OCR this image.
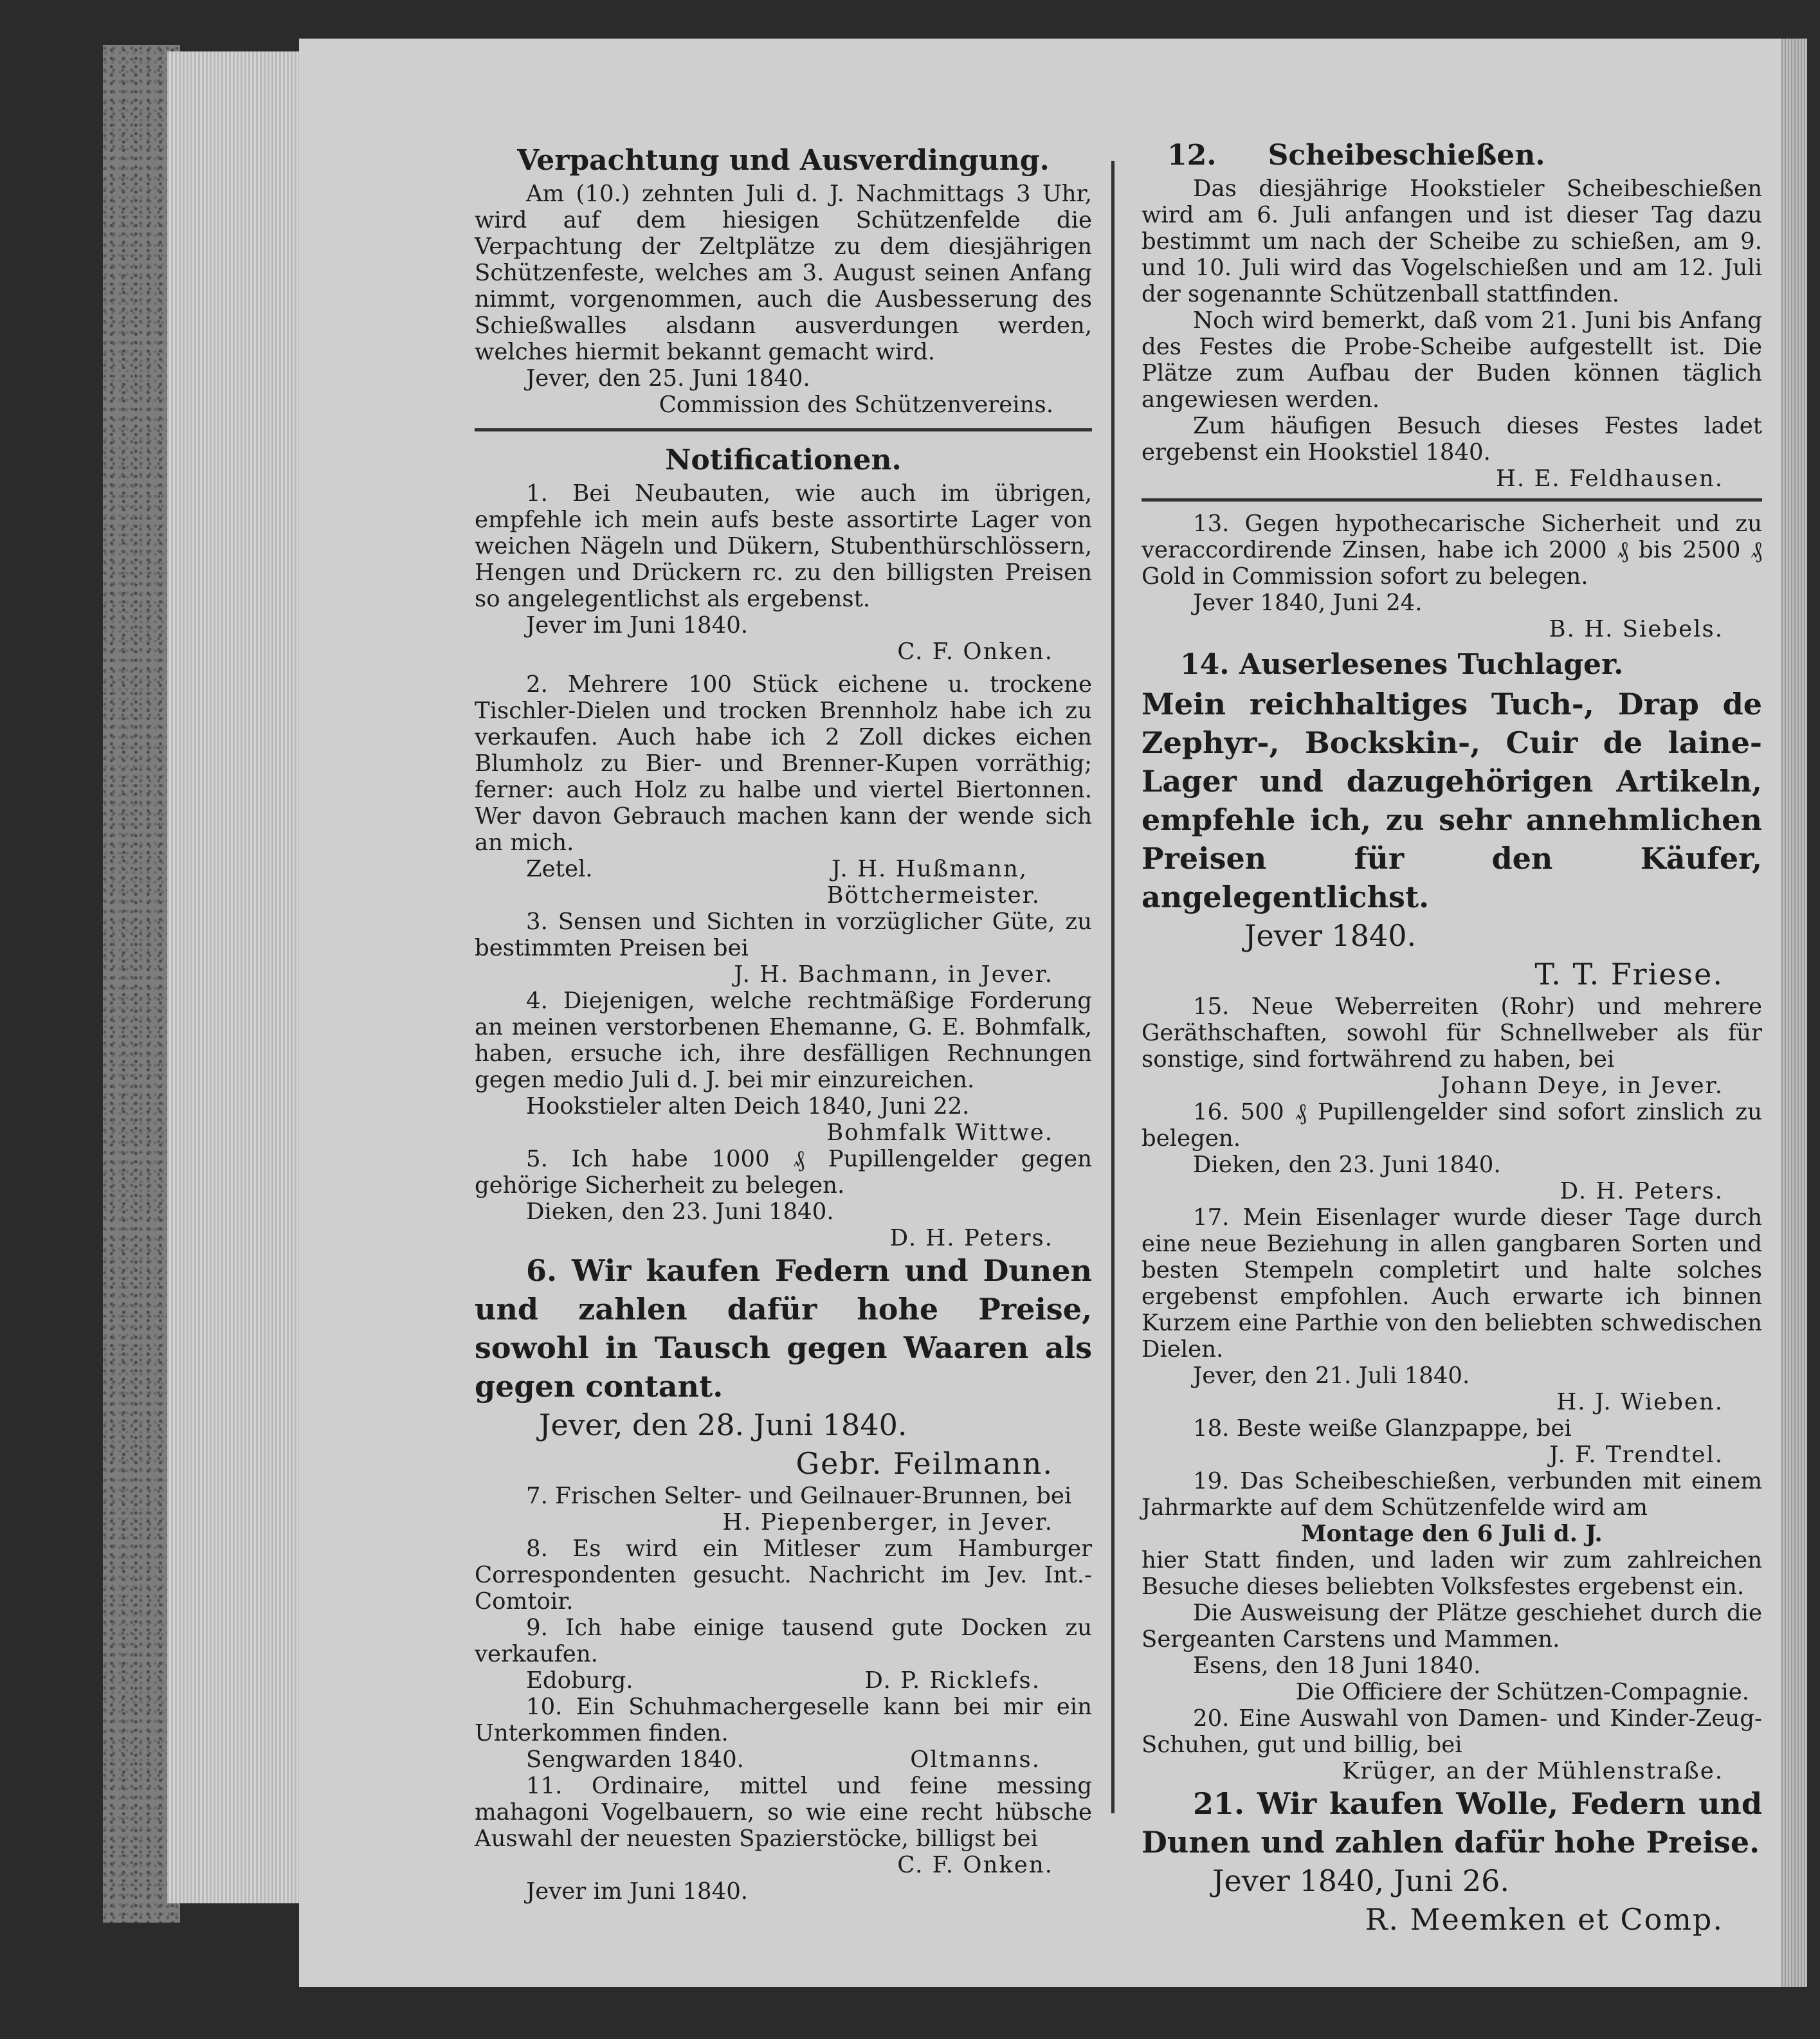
Verpachtung und Ausverdingung.

Am (10.) zehnten Juli d. J. Nachmittags 3 Uhr, wird auf dem hiesigen Schützenfelde die Verpachtung der Zeltplätze zu dem diesjährigen Schützenfeste, welches am 3. August seinen Anfang nimmt, vorgenommen, auch die Ausbesserung des Schießwalles alsdann ausverdungen werden, welches hiermit bekannt gemacht wird.

Jever, den 25. Juni 1840.

Commission des Schützenvereins.

Notificationen.

1. Bei Neubauten, wie auch im übrigen, empfehle ich mein aufs beste assortirte Lager von weichen Nägeln und Dükern, Stubenthürschlössern, Hengen und Drückern rc. zu den billigsten Preisen so angelegentlichst als ergebenst.

Jever im Juni 1840.

C. F. Onken.

2. Mehrere 100 Stück eichene u. trockene Tischler-Dielen und trocken Brennholz habe ich zu verkaufen. Auch habe ich 2 Zoll dickes eichen Blumholz zu Bier- und Brenner-Kupen vorräthig; ferner: auch Holz zu halbe und viertel Biertonnen. Wer davon Gebrauch machen kann der wende sich an mich.

Zetel.	J. H. Hußmann,

Böttchermeister.

3. Sensen und Sichten in vorzüglicher Güte, zu bestimmten Preisen bei

J. H. Bachmann, in Jever.

4. Diejenigen, welche rechtmäßige Forderung an meinen verstorbenen Ehemanne, G. E. Bohmfalk, haben, ersuche ich, ihre desfälligen Rechnungen gegen medio Juli d. J. bei mir einzureichen.

Hookstieler alten Deich 1840, Juni 22.

Bohmfalk Wittwe.

5. Ich habe 1000 ₰ Pupillengelder gegen gehörige Sicherheit zu belegen.

Dieken, den 23. Juni 1840.

D. H. Peters.

6. Wir kaufen Federn und Dunen und zahlen dafür hohe Preise, sowohl in Tausch gegen Waaren als gegen contant.

Jever, den 28. Juni 1840.

Gebr. Feilmann.

7. Frischen Selter- und Geilnauer-Brunnen, bei

H. Piepenberger, in Jever.

8. Es wird ein Mitleser zum Hamburger Correspondenten gesucht. Nachricht im Jev. Int.-Comtoir.

9. Ich habe einige tausend gute Docken zu verkaufen.

Edoburg.	D. P. Ricklefs.

10. Ein Schuhmachergeselle kann bei mir ein Unterkommen finden.

Sengwarden 1840.	Oltmanns.

11. Ordinaire, mittel und feine messing mahagoni Vogelbauern, so wie eine recht hübsche Auswahl der neuesten Spazierstöcke, billigst bei

C. F. Onken.

Jever im Juni 1840.

12. Scheibeschießen.

Das diesjährige Hookstieler Scheibeschießen wird am 6. Juli anfangen und ist dieser Tag dazu bestimmt um nach der Scheibe zu schießen, am 9. und 10. Juli wird das Vogelschießen und am 12. Juli der sogenannte Schützenball stattfinden.

Noch wird bemerkt, daß vom 21. Juni bis Anfang des Festes die Probe-Scheibe aufgestellt ist. Die Plätze zum Aufbau der Buden können täglich angewiesen werden.

Zum häufigen Besuch dieses Festes ladet ergebenst ein Hookstiel 1840.

H. E. Feldhausen.

13. Gegen hypothecarische Sicherheit und zu veraccordirende Zinsen, habe ich 2000 ₰ bis 2500 ₰ Gold in Commission sofort zu belegen.

Jever 1840, Juni 24.

B. H. Siebels.

14. Auserlesenes Tuchlager.

Mein reichhaltiges Tuch-, Drap de Zephyr-, Bockskin-, Cuir de laine-Lager und dazugehörigen Artikeln, empfehle ich, zu sehr annehmlichen Preisen für den Käufer, angelegentlichst.

Jever 1840.

T. T. Friese.

15. Neue Weberreiten (Rohr) und mehrere Geräthschaften, sowohl für Schnellweber als für sonstige, sind fortwährend zu haben, bei

Johann Deye, in Jever.

16. 500 ₰ Pupillengelder sind sofort zinslich zu belegen.

Dieken, den 23. Juni 1840.

D. H. Peters.

17. Mein Eisenlager wurde dieser Tage durch eine neue Beziehung in allen gangbaren Sorten und besten Stempeln completirt und halte solches ergebenst empfohlen. Auch erwarte ich binnen Kurzem eine Parthie von den beliebten schwedischen Dielen.

Jever, den 21. Juli 1840.

H. J. Wieben.

18. Beste weiße Glanzpappe, bei

J. F. Trendtel.

19. Das Scheibeschießen, verbunden mit einem Jahrmarkte auf dem Schützenfelde wird am

Montage den 6 Juli d. J.

hier Statt finden, und laden wir zum zahlreichen Besuche dieses beliebten Volksfestes ergebenst ein.

Die Ausweisung der Plätze geschiehet durch die Sergeanten Carstens und Mammen.

Esens, den 18 Juni 1840.

Die Officiere der Schützen-Compagnie.

20. Eine Auswahl von Damen- und Kinder-Zeug-Schuhen, gut und billig, bei

Krüger, an der Mühlenstraße.

21. Wir kaufen Wolle, Federn und Dunen und zahlen dafür hohe Preise.

Jever 1840, Juni 26.

R. Meemken et Comp.
